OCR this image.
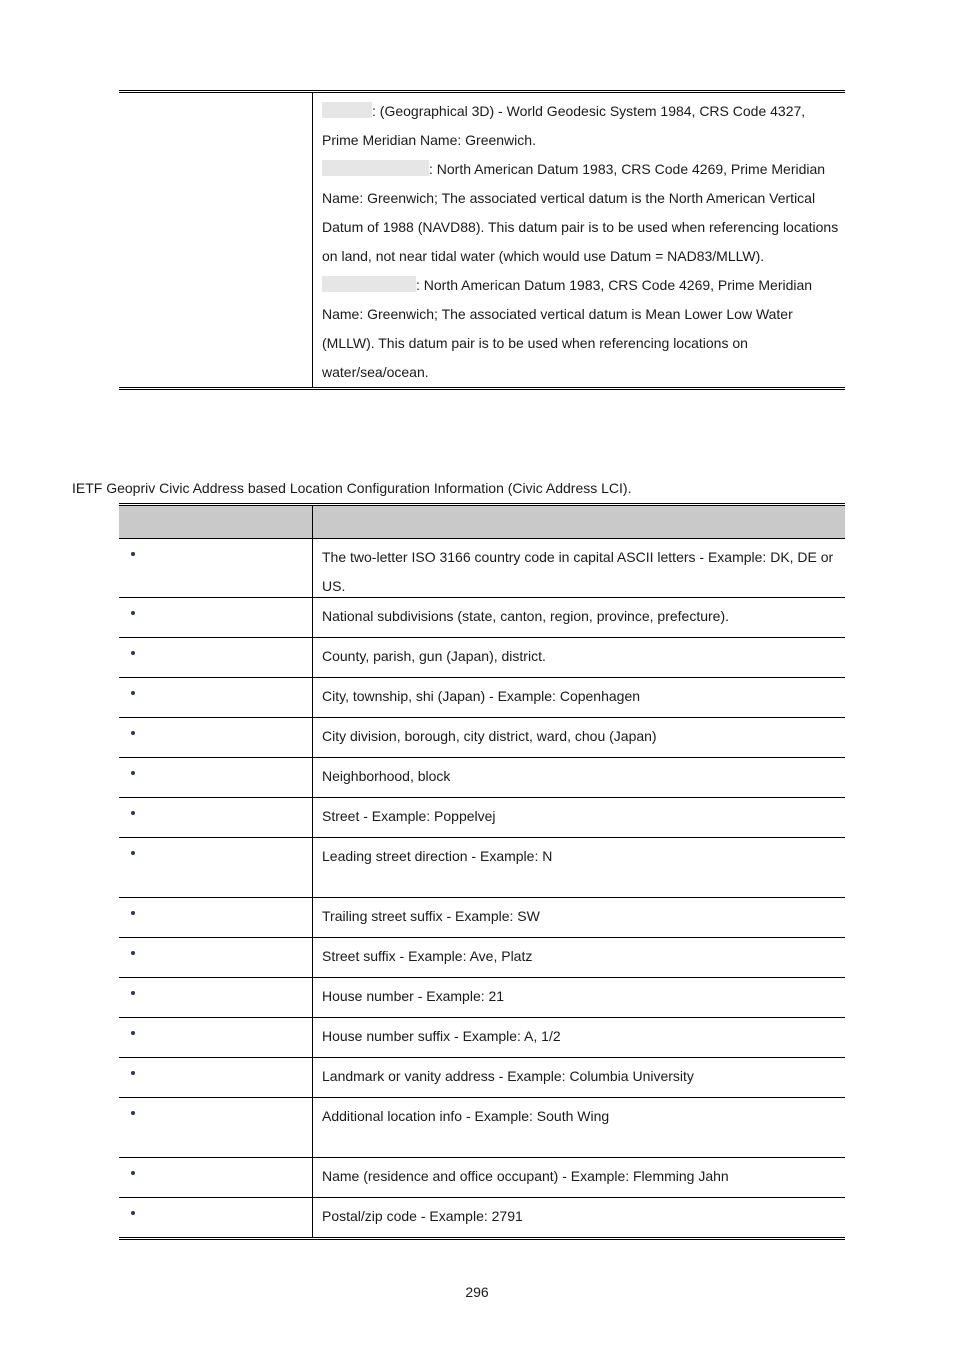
: (Geographical 3D) - World Geodesic System 1984, CRS Code 4327, Prime Meridian Name: Greenwich.

: North American Datum 1983, CRS Code 4269, Prime Meridian Name: Greenwich; The associated vertical datum is the North American Vertical Datum of 1988 (NAVD88). This datum pair is to be used when referencing locations on land, not near tidal water (which would use Datum = NAD83/MLLW).

: North American Datum 1983, CRS Code 4269, Prime Meridian Name: Greenwich; The associated vertical datum is Mean Lower Low Water (MLLW). This datum pair is to be used when referencing locations on water/sea/ocean.

IETF Geopriv Civic Address based Location Configuration Information (Civic Address LCI).
The two-letter ISO 3166 country code in capital ASCII letters - Example: DK, DE or US.
National subdivisions (state, canton, region, province, prefecture).
County, parish, gun (Japan), district.
City, township, shi (Japan) - Example: Copenhagen
City division, borough, city district, ward, chou (Japan)
Neighborhood, block
Street - Example: Poppelvej
Leading street direction - Example: N
Trailing street suffix - Example: SW
Street suffix - Example: Ave, Platz
House number - Example: 21
House number suffix - Example: A, 1/2
Landmark or vanity address - Example: Columbia University
Additional location info - Example: South Wing
Name (residence and office occupant) - Example: Flemming Jahn
Postal/zip code - Example: 2791
296
